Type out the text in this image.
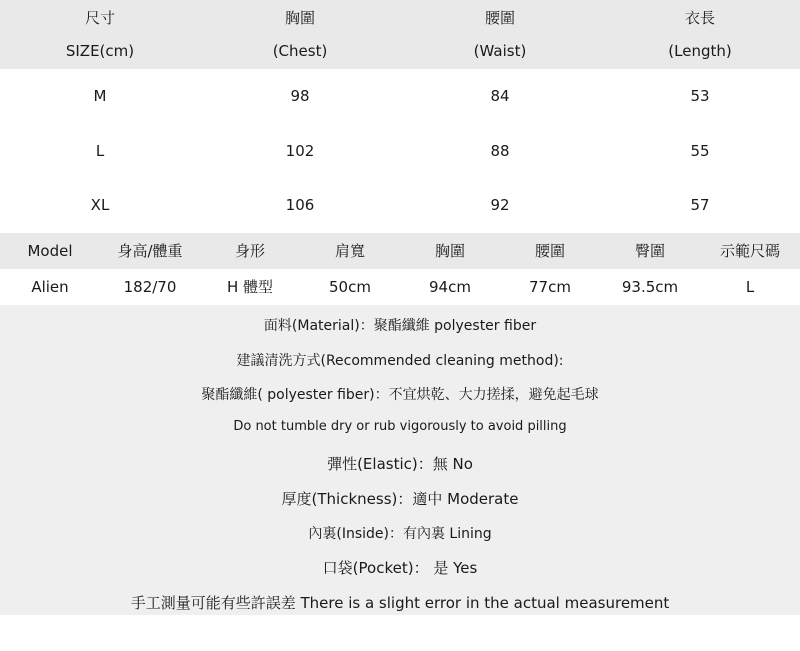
尺寸	胸圍	腰圍	衣長
SIZE(cm)	(Chest)	(Waist)	(Length)
M	98	84	53
L	102	88	55
XL	106	92	57
Model	身高/體重	身形	肩寬	胸圍	腰圍	臀圍	示範尺碼
Alien	182/70	H 體型	50cm	94cm	77cm	93.5cm	L
面料(Material)：聚酯纖維 polyester fiber
建議清洗方式(Recommended cleaning method):
聚酯纖維( polyester fiber)：不宜烘乾、大力搓揉，避免起毛球
Do not tumble dry or rub vigorously to avoid pilling
彈性(Elastic)：無 No
厚度(Thickness)：適中 Moderate
內裏(Inside)：有內裏 Lining
口袋(Pocket)： 是 Yes
手工測量可能有些許誤差 There is a slight error in the actual measurement
